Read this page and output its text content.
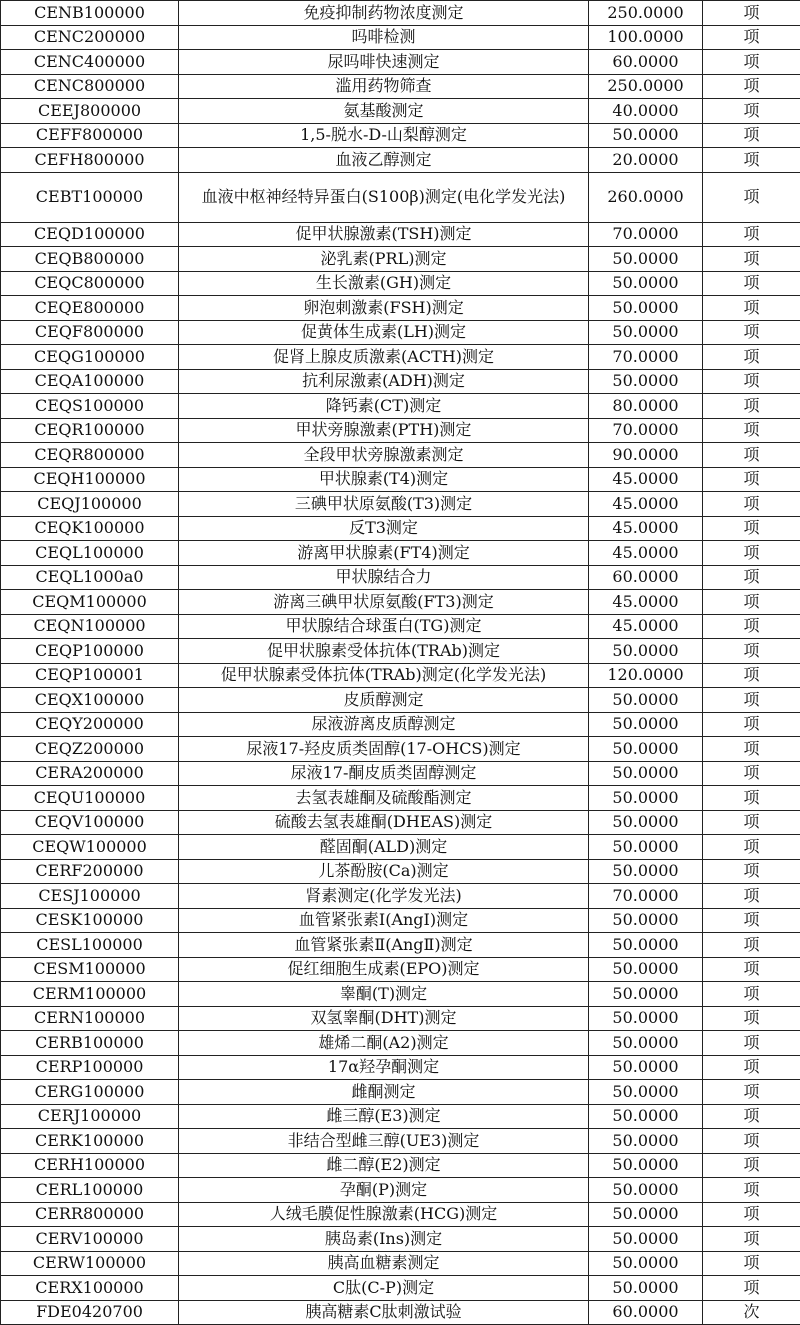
CENB100000	免疫抑制药物浓度测定	250.0000	项
CENC200000	吗啡检测	100.0000	项
CENC400000	尿吗啡快速测定	60.0000	项
CENC800000	滥用药物筛查	250.0000	项
CEEJ800000	氨基酸测定	40.0000	项
CEFF800000	1,5-脱水-D-山梨醇测定	50.0000	项
CEFH800000	血液乙醇测定	20.0000	项
CEBT100000	血液中枢神经特异蛋白(S100β)测定(电化学发光法)	260.0000	项
CEQD100000	促甲状腺激素(TSH)测定	70.0000	项
CEQB800000	泌乳素(PRL)测定	50.0000	项
CEQC800000	生长激素(GH)测定	50.0000	项
CEQE800000	卵泡刺激素(FSH)测定	50.0000	项
CEQF800000	促黄体生成素(LH)测定	50.0000	项
CEQG100000	促肾上腺皮质激素(ACTH)测定	70.0000	项
CEQA100000	抗利尿激素(ADH)测定	50.0000	项
CEQS100000	降钙素(CT)测定	80.0000	项
CEQR100000	甲状旁腺激素(PTH)测定	70.0000	项
CEQR800000	全段甲状旁腺激素测定	90.0000	项
CEQH100000	甲状腺素(T4)测定	45.0000	项
CEQJ100000	三碘甲状原氨酸(T3)测定	45.0000	项
CEQK100000	反T3测定	45.0000	项
CEQL100000	游离甲状腺素(FT4)测定	45.0000	项
CEQL1000a0	甲状腺结合力	60.0000	项
CEQM100000	游离三碘甲状原氨酸(FT3)测定	45.0000	项
CEQN100000	甲状腺结合球蛋白(TG)测定	45.0000	项
CEQP100000	促甲状腺素受体抗体(TRAb)测定	50.0000	项
CEQP100001	促甲状腺素受体抗体(TRAb)测定(化学发光法)	120.0000	项
CEQX100000	皮质醇测定	50.0000	项
CEQY200000	尿液游离皮质醇测定	50.0000	项
CEQZ200000	尿液17-羟皮质类固醇(17-OHCS)测定	50.0000	项
CERA200000	尿液17-酮皮质类固醇测定	50.0000	项
CEQU100000	去氢表雄酮及硫酸酯测定	50.0000	项
CEQV100000	硫酸去氢表雄酮(DHEAS)测定	50.0000	项
CEQW100000	醛固酮(ALD)测定	50.0000	项
CERF200000	儿茶酚胺(Ca)测定	50.0000	项
CESJ100000	肾素测定(化学发光法)	70.0000	项
CESK100000	血管紧张素Ⅰ(AngⅠ)测定	50.0000	项
CESL100000	血管紧张素Ⅱ(AngⅡ)测定	50.0000	项
CESM100000	促红细胞生成素(EPO)测定	50.0000	项
CERM100000	睾酮(T)测定	50.0000	项
CERN100000	双氢睾酮(DHT)测定	50.0000	项
CERB100000	雄烯二酮(A2)测定	50.0000	项
CERP100000	17α羟孕酮测定	50.0000	项
CERG100000	雌酮测定	50.0000	项
CERJ100000	雌三醇(E3)测定	50.0000	项
CERK100000	非结合型雌三醇(UE3)测定	50.0000	项
CERH100000	雌二醇(E2)测定	50.0000	项
CERL100000	孕酮(P)测定	50.0000	项
CERR800000	人绒毛膜促性腺激素(HCG)测定	50.0000	项
CERV100000	胰岛素(Ins)测定	50.0000	项
CERW100000	胰高血糖素测定	50.0000	项
CERX100000	C肽(C-P)测定	50.0000	项
FDE0420700	胰高糖素C肽刺激试验	60.0000	次
